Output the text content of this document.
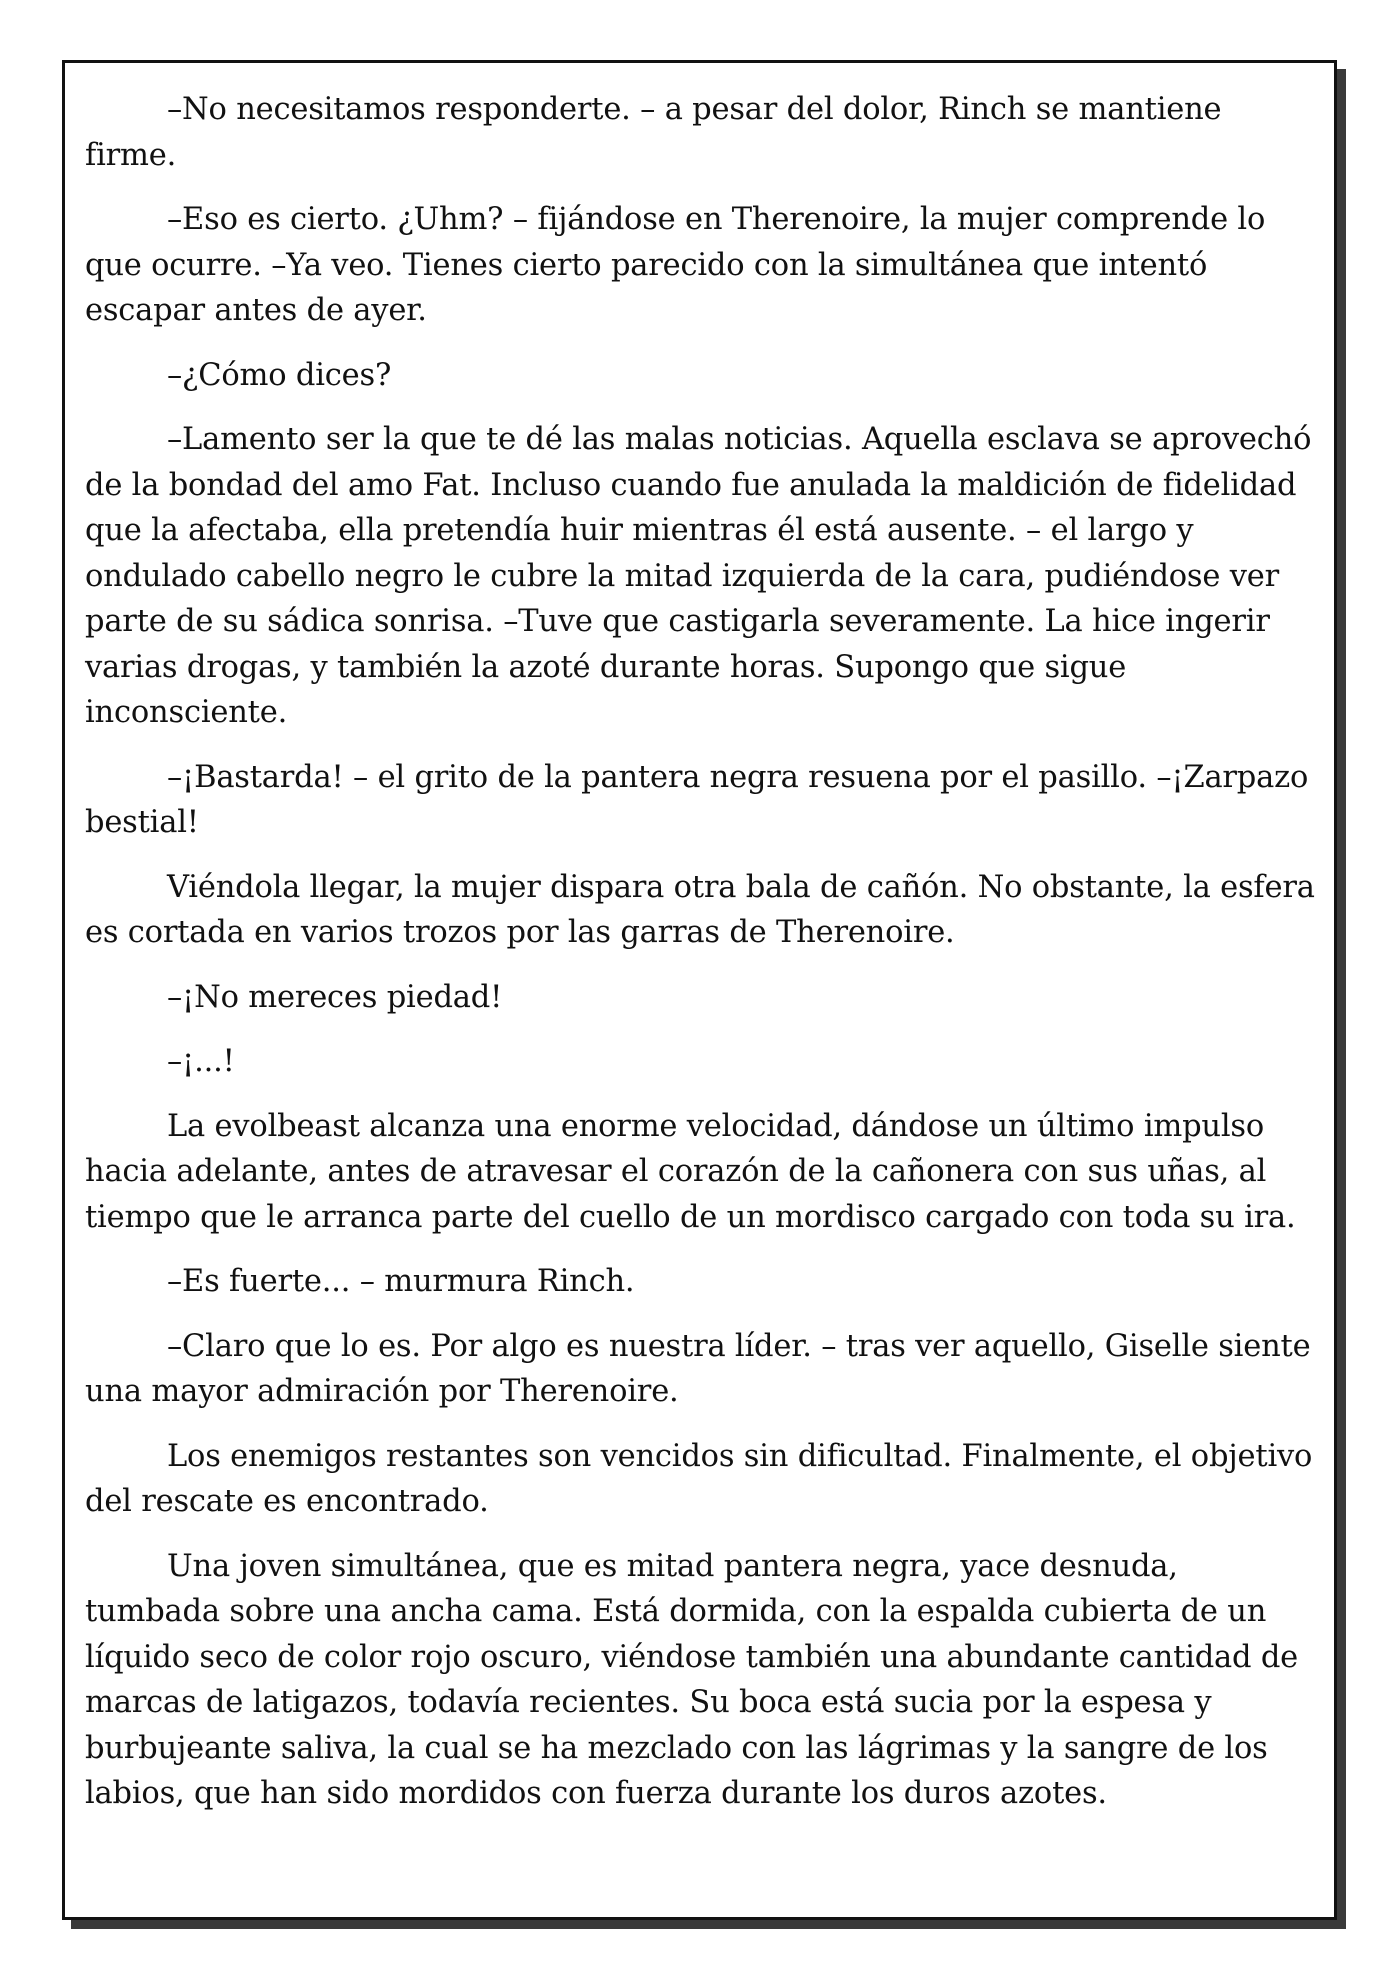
–No necesitamos responderte. – a pesar del dolor, Rinch se mantiene firme.

–Eso es cierto. ¿Uhm? – fijándose en Therenoire, la mujer comprende lo que ocurre. –Ya veo. Tienes cierto parecido con la simultánea que intentó escapar antes de ayer.

–¿Cómo dices?

–Lamento ser la que te dé las malas noticias. Aquella esclava se aprovechó de la bondad del amo Fat. Incluso cuando fue anulada la maldición de fidelidad que la afectaba, ella pretendía huir mientras él está ausente. – el largo y ondulado cabello negro le cubre la mitad izquierda de la cara, pudiéndose ver parte de su sádica sonrisa. –Tuve que castigarla severamente. La hice ingerir varias drogas, y también la azoté durante horas. Supongo que sigue inconsciente.

–¡Bastarda! – el grito de la pantera negra resuena por el pasillo. –¡Zarpazo bestial!

Viéndola llegar, la mujer dispara otra bala de cañón. No obstante, la esfera es cortada en varios trozos por las garras de Therenoire.

–¡No mereces piedad!

–¡...!

La evolbeast alcanza una enorme velocidad, dándose un último impulso hacia adelante, antes de atravesar el corazón de la cañonera con sus uñas, al tiempo que le arranca parte del cuello de un mordisco cargado con toda su ira.

–Es fuerte... – murmura Rinch.

–Claro que lo es. Por algo es nuestra líder. – tras ver aquello, Giselle siente una mayor admiración por Therenoire.

Los enemigos restantes son vencidos sin dificultad. Finalmente, el objetivo del rescate es encontrado.

Una joven simultánea, que es mitad pantera negra, yace desnuda, tumbada sobre una ancha cama. Está dormida, con la espalda cubierta de un líquido seco de color rojo oscuro, viéndose también una abundante cantidad de marcas de latigazos, todavía recientes. Su boca está sucia por la espesa y burbujeante saliva, la cual se ha mezclado con las lágrimas y la sangre de los labios, que han sido mordidos con fuerza durante los duros azotes.
